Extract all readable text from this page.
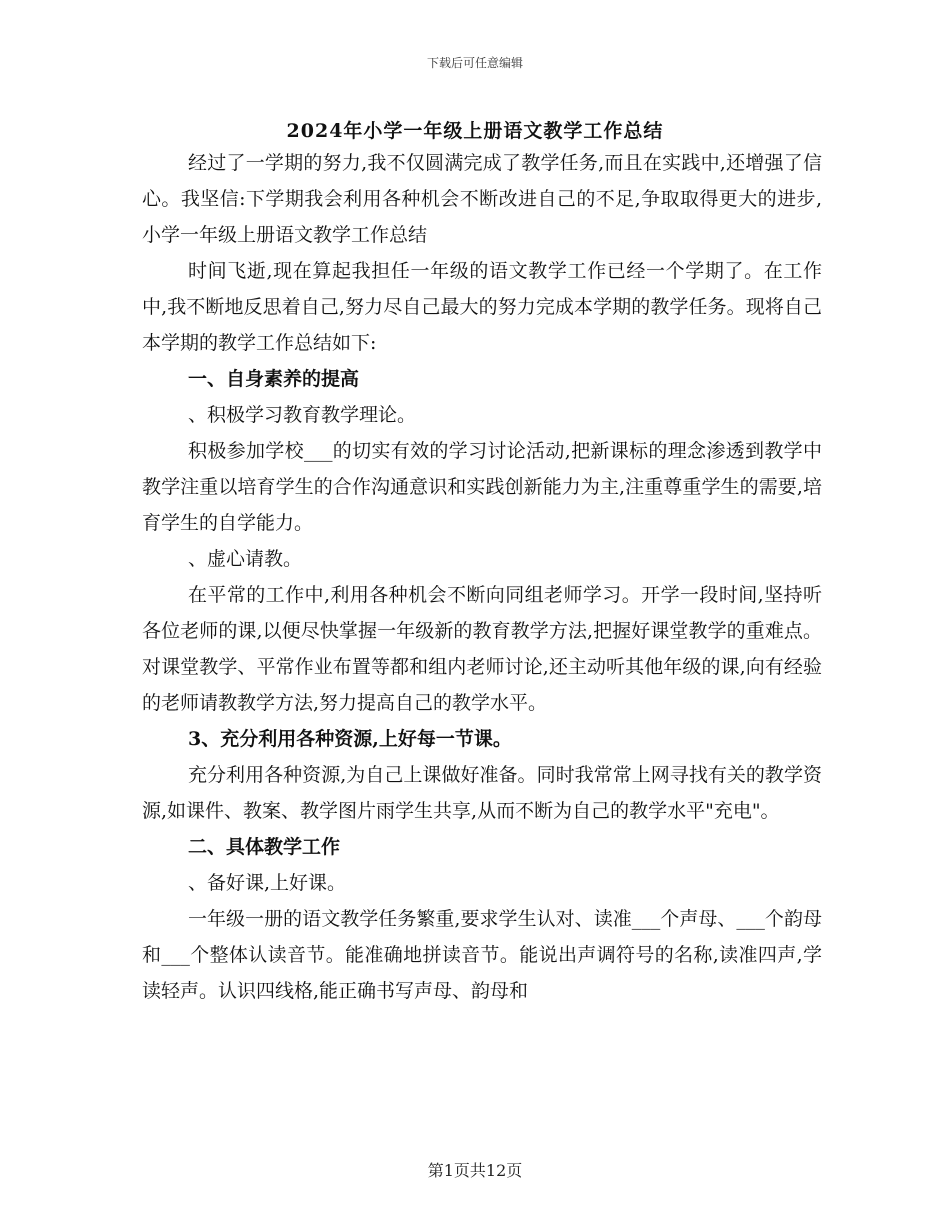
下载后可任意编辑
2024年小学一年级上册语文教学工作总结

经过了一学期的努力,我不仅圆满完成了教学任务,而且在实践中,还增强了信心。我坚信:下学期我会利用各种机会不断改进自己的不足,争取取得更大的进步,小学一年级上册语文教学工作总结

时间飞逝,现在算起我担任一年级的语文教学工作已经一个学期了。在工作中,我不断地反思着自己,努力尽自己最大的努力完成本学期的教学任务。现将自己本学期的教学工作总结如下:

一、自身素养的提高

、积极学习教育教学理论。

积极参加学校___的切实有效的学习讨论活动,把新课标的理念渗透到教学中教学注重以培育学生的合作沟通意识和实践创新能力为主,注重尊重学生的需要,培育学生的自学能力。

、虚心请教。

在平常的工作中,利用各种机会不断向同组老师学习。开学一段时间,坚持听各位老师的课,以便尽快掌握一年级新的教育教学方法,把握好课堂教学的重难点。对课堂教学、平常作业布置等都和组内老师讨论,还主动听其他年级的课,向有经验的老师请教教学方法,努力提高自己的教学水平。

3、充分利用各种资源,上好每一节课。

充分利用各种资源,为自己上课做好准备。同时我常常上网寻找有关的教学资源,如课件、教案、教学图片雨学生共享,从而不断为自己的教学水平"充电"。

二、具体教学工作

、备好课,上好课。

一年级一册的语文教学任务繁重,要求学生认对、读准___个声母、___个韵母和___个整体认读音节。能准确地拼读音节。能说出声调符号的名称,读准四声,学读轻声。认识四线格,能正确书写声母、韵母和

第1页共12页
